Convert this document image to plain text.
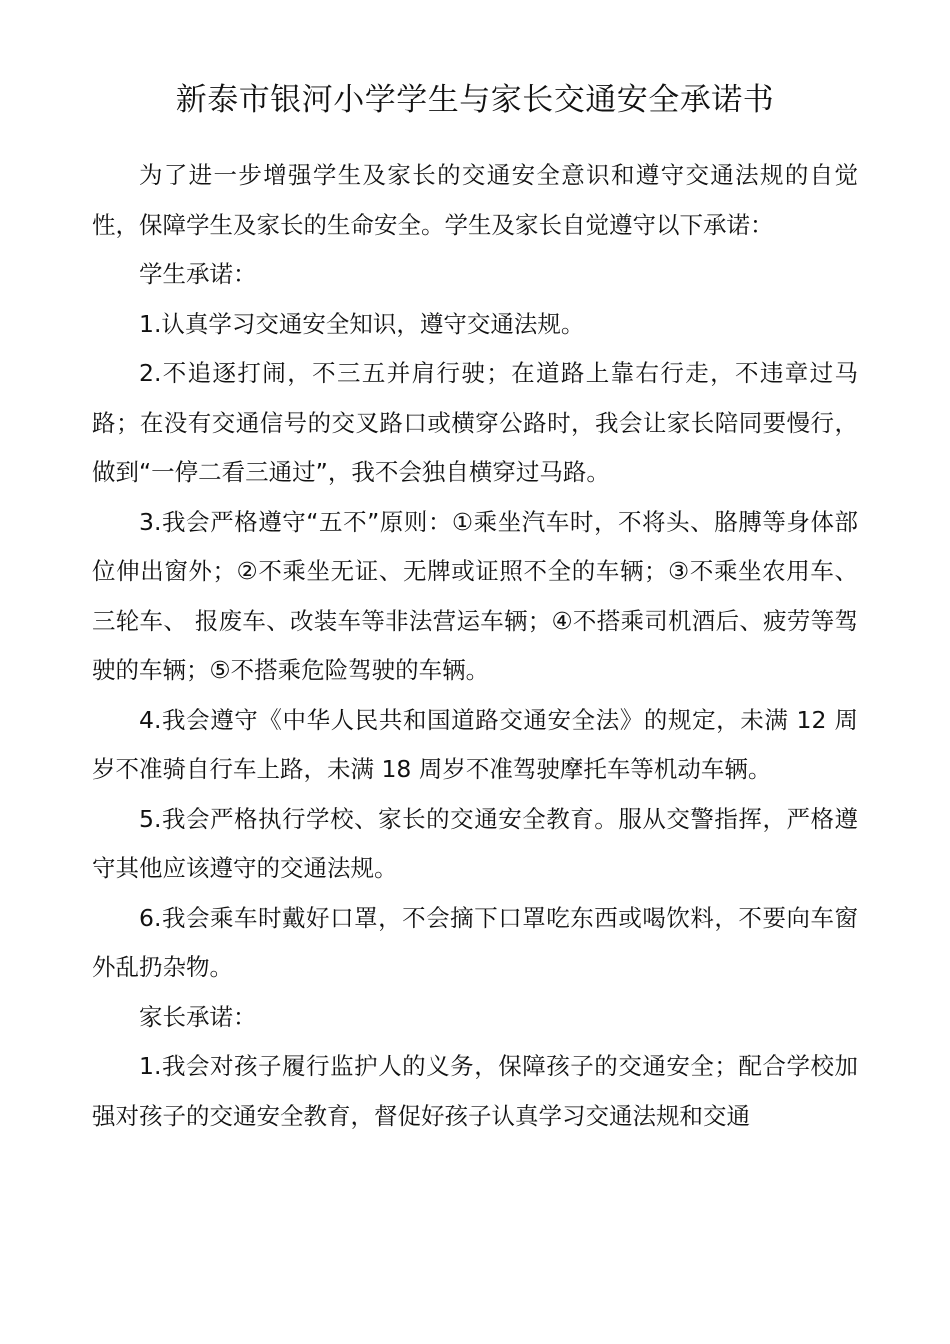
新泰市银河小学学生与家长交通安全承诺书

为了进一步增强学生及家长的交通安全意识和遵守交通法规的自觉性，保障学生及家长的生命安全。学生及家长自觉遵守以下承诺：

学生承诺：

1.认真学习交通安全知识，遵守交通法规。

2.不追逐打闹，不三五并肩行驶；在道路上靠右行走，不违章过马路；在没有交通信号的交叉路口或横穿公路时，我会让家长陪同要慢行， 做到“一停二看三通过”，我不会独自横穿过马路。

3.我会严格遵守“五不”原则：①乘坐汽车时，不将头、胳膊等身体部位伸出窗外；②不乘坐无证、无牌或证照不全的车辆；③不乘坐农用车、三轮车、 报废车、改装车等非法营运车辆；④不搭乘司机酒后、疲劳等驾驶的车辆；⑤不搭乘危险驾驶的车辆。

4.我会遵守《中华人民共和国道路交通安全法》的规定，未满 12 周岁不准骑自行车上路，未满 18 周岁不准驾驶摩托车等机动车辆。

5.我会严格执行学校、家长的交通安全教育。服从交警指挥，严格遵守其他应该遵守的交通法规。

6.我会乘车时戴好口罩，不会摘下口罩吃东西或喝饮料，不要向车窗外乱扔杂物。

家长承诺：

1.我会对孩子履行监护人的义务，保障孩子的交通安全；配合学校加强对孩子的交通安全教育，督促好孩子认真学习交通法规和交通
